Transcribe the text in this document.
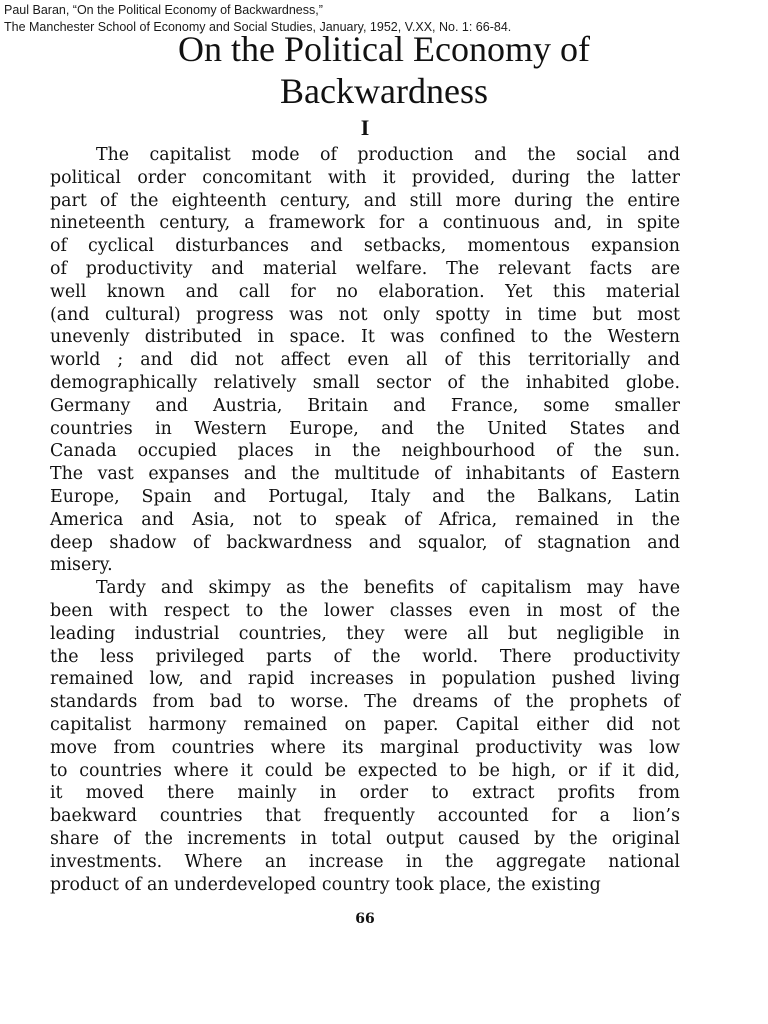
Paul Baran, “On the Political Economy of Backwardness,”
The Manchester School of Economy and Social Studies, January, 1952, V.XX, No. 1: 66-84.
On the Political Economy of
Backwardness
I
The capitalist mode of production and the social and
political order concomitant with it provided, during the latter
part of the eighteenth century, and still more during the entire
nineteenth century, a framework for a continuous and, in spite
of cyclical disturbances and setbacks, momentous expansion
of productivity and material welfare. The relevant facts are
well known and call for no elaboration. Yet this material
(and cultural) progress was not only spotty in time but most
unevenly distributed in space. It was confined to the Western
world ; and did not affect even all of this territorially and
demographically relatively small sector of the inhabited globe.
Germany and Austria, Britain and France, some smaller
countries in Western Europe, and the United States and
Canada occupied places in the neighbourhood of the sun.
The vast expanses and the multitude of inhabitants of Eastern
Europe, Spain and Portugal, Italy and the Balkans, Latin
America and Asia, not to speak of Africa, remained in the
deep shadow of backwardness and squalor, of stagnation and
misery.
Tardy and skimpy as the benefits of capitalism may have
been with respect to the lower classes even in most of the
leading industrial countries, they were all but negligible in
the less privileged parts of the world. There productivity
remained low, and rapid increases in population pushed living
standards from bad to worse. The dreams of the prophets of
capitalist harmony remained on paper. Capital either did not
move from countries where its marginal productivity was low
to countries where it could be expected to be high, or if it did,
it moved there mainly in order to extract profits from
baekward countries that frequently accounted for a lion’s
share of the increments in total output caused by the original
investments. Where an increase in the aggregate national
product of an underdeveloped country took place, the existing
66
